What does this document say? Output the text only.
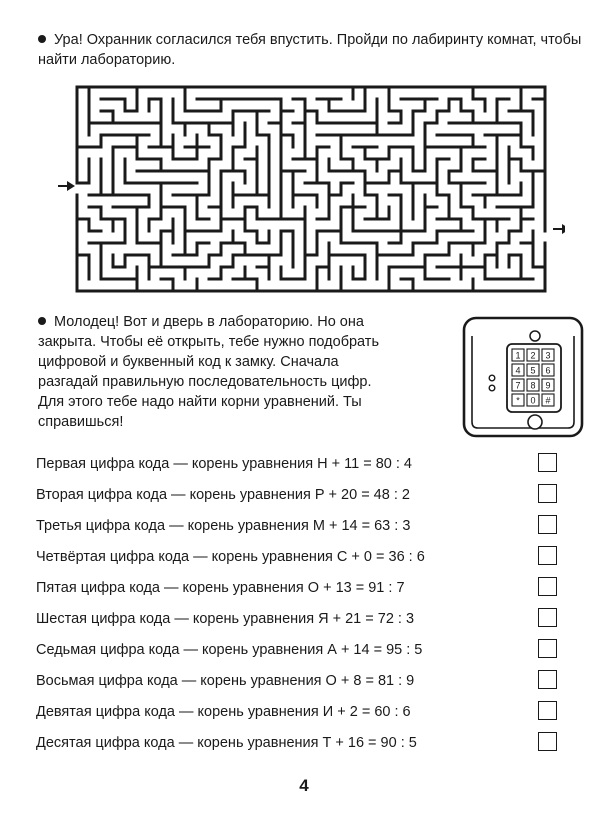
Ура! Охранник согласился тебя впустить. Пройди по лабиринту комнат, чтобы найти лабораторию.
Молодец! Вот и дверь в лабораторию. Но она закрыта. Чтобы её открыть, тебе нужно подобрать цифровой и буквенный код к замку. Сначала разгадай правильную последовательность цифр. Для этого тебе надо найти корни уравнений. Ты справишься!
1 2 3
4 5 6
7 8 9
* 0 #
Первая цифра кода — корень уравнения Н + 11 = 80 : 4
Вторая цифра кода — корень уравнения Р + 20 = 48 : 2
Третья цифра кода — корень уравнения М + 14 = 63 : 3
Четвёртая цифра кода — корень уравнения С + 0 = 36 : 6
Пятая цифра кода — корень уравнения О + 13 = 91 : 7
Шестая цифра кода — корень уравнения Я + 21 = 72 : 3
Седьмая цифра кода — корень уравнения А + 14 = 95 : 5
Восьмая цифра кода — корень уравнения О + 8 = 81 : 9
Девятая цифра кода — корень уравнения И + 2 = 60 : 6
Десятая цифра кода — корень уравнения Т + 16 = 90 : 5
4
